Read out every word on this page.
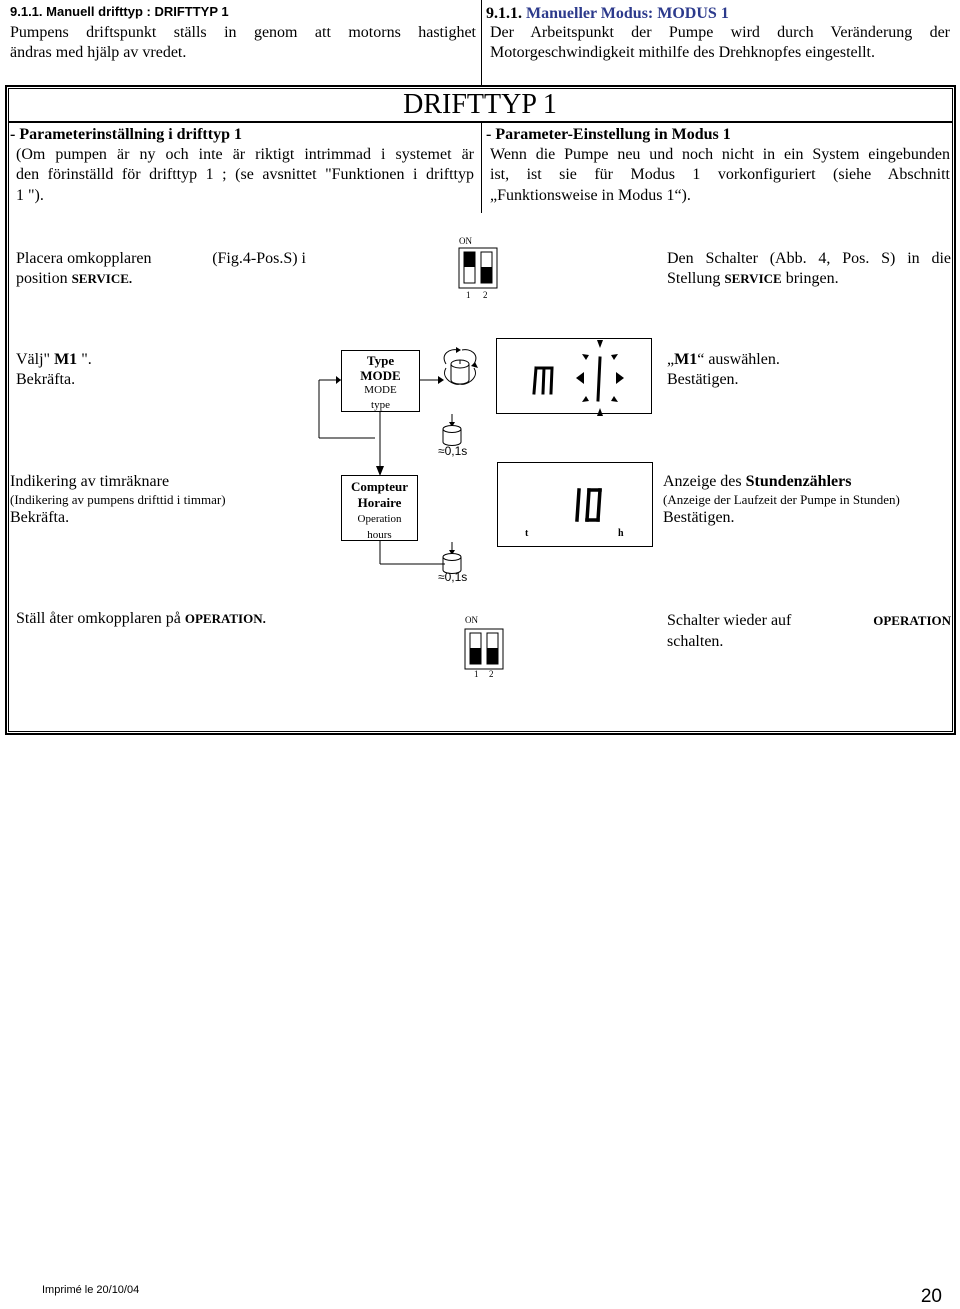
9.1.1. Manuell drifttyp : DRIFTTYP 1
Pumpens driftspunkt ställs in genom att motorns hastighet
ändras med hjälp av vredet.
9.1.1. Manueller Modus: MODUS 1
Der Arbeitspunkt der Pumpe wird durch Veränderung der
Motorgeschwindigkeit mithilfe des Drehknopfes eingestellt.
DRIFTTYP 1
- Parameterinställning i drifttyp 1
(Om pumpen är ny och inte är riktigt intrimmad i systemet är
den förinställd för drifttyp 1 ; (se avsnittet "Funktionen i drifttyp
1 ").
- Parameter-Einstellung in Modus 1
Wenn die Pumpe neu und noch nicht in ein System eingebunden
ist, ist sie für Modus 1 vorkonfiguriert (siehe Abschnitt
„Funktionsweise in Modus 1“).
Placera omkopplaren	(Fig.4-Pos.S) i
position SERVICE.
ON
1 2
Den Schalter (Abb. 4, Pos. S) in die
Stellung SERVICE bringen.
Välj" M1 ".
Bekräfta.
Type
MODE
MODE
type
M 1
„M1“ auswählen.
Bestätigen.
≈0,1s
Indikering av timräknare
(Indikering av pumpens drifttid i timmar)
Bekräfta.
Compteur
Horaire
Operation
hours
10
t	h
Anzeige des Stundenzählers
(Anzeige der Laufzeit der Pumpe in Stunden)
Bestätigen.
≈0,1s
Ställ åter omkopplaren på OPERATION.	ON
1 2
Schalter wieder auf	OPERATION
schalten.
Imprimé le 20/10/04	20
